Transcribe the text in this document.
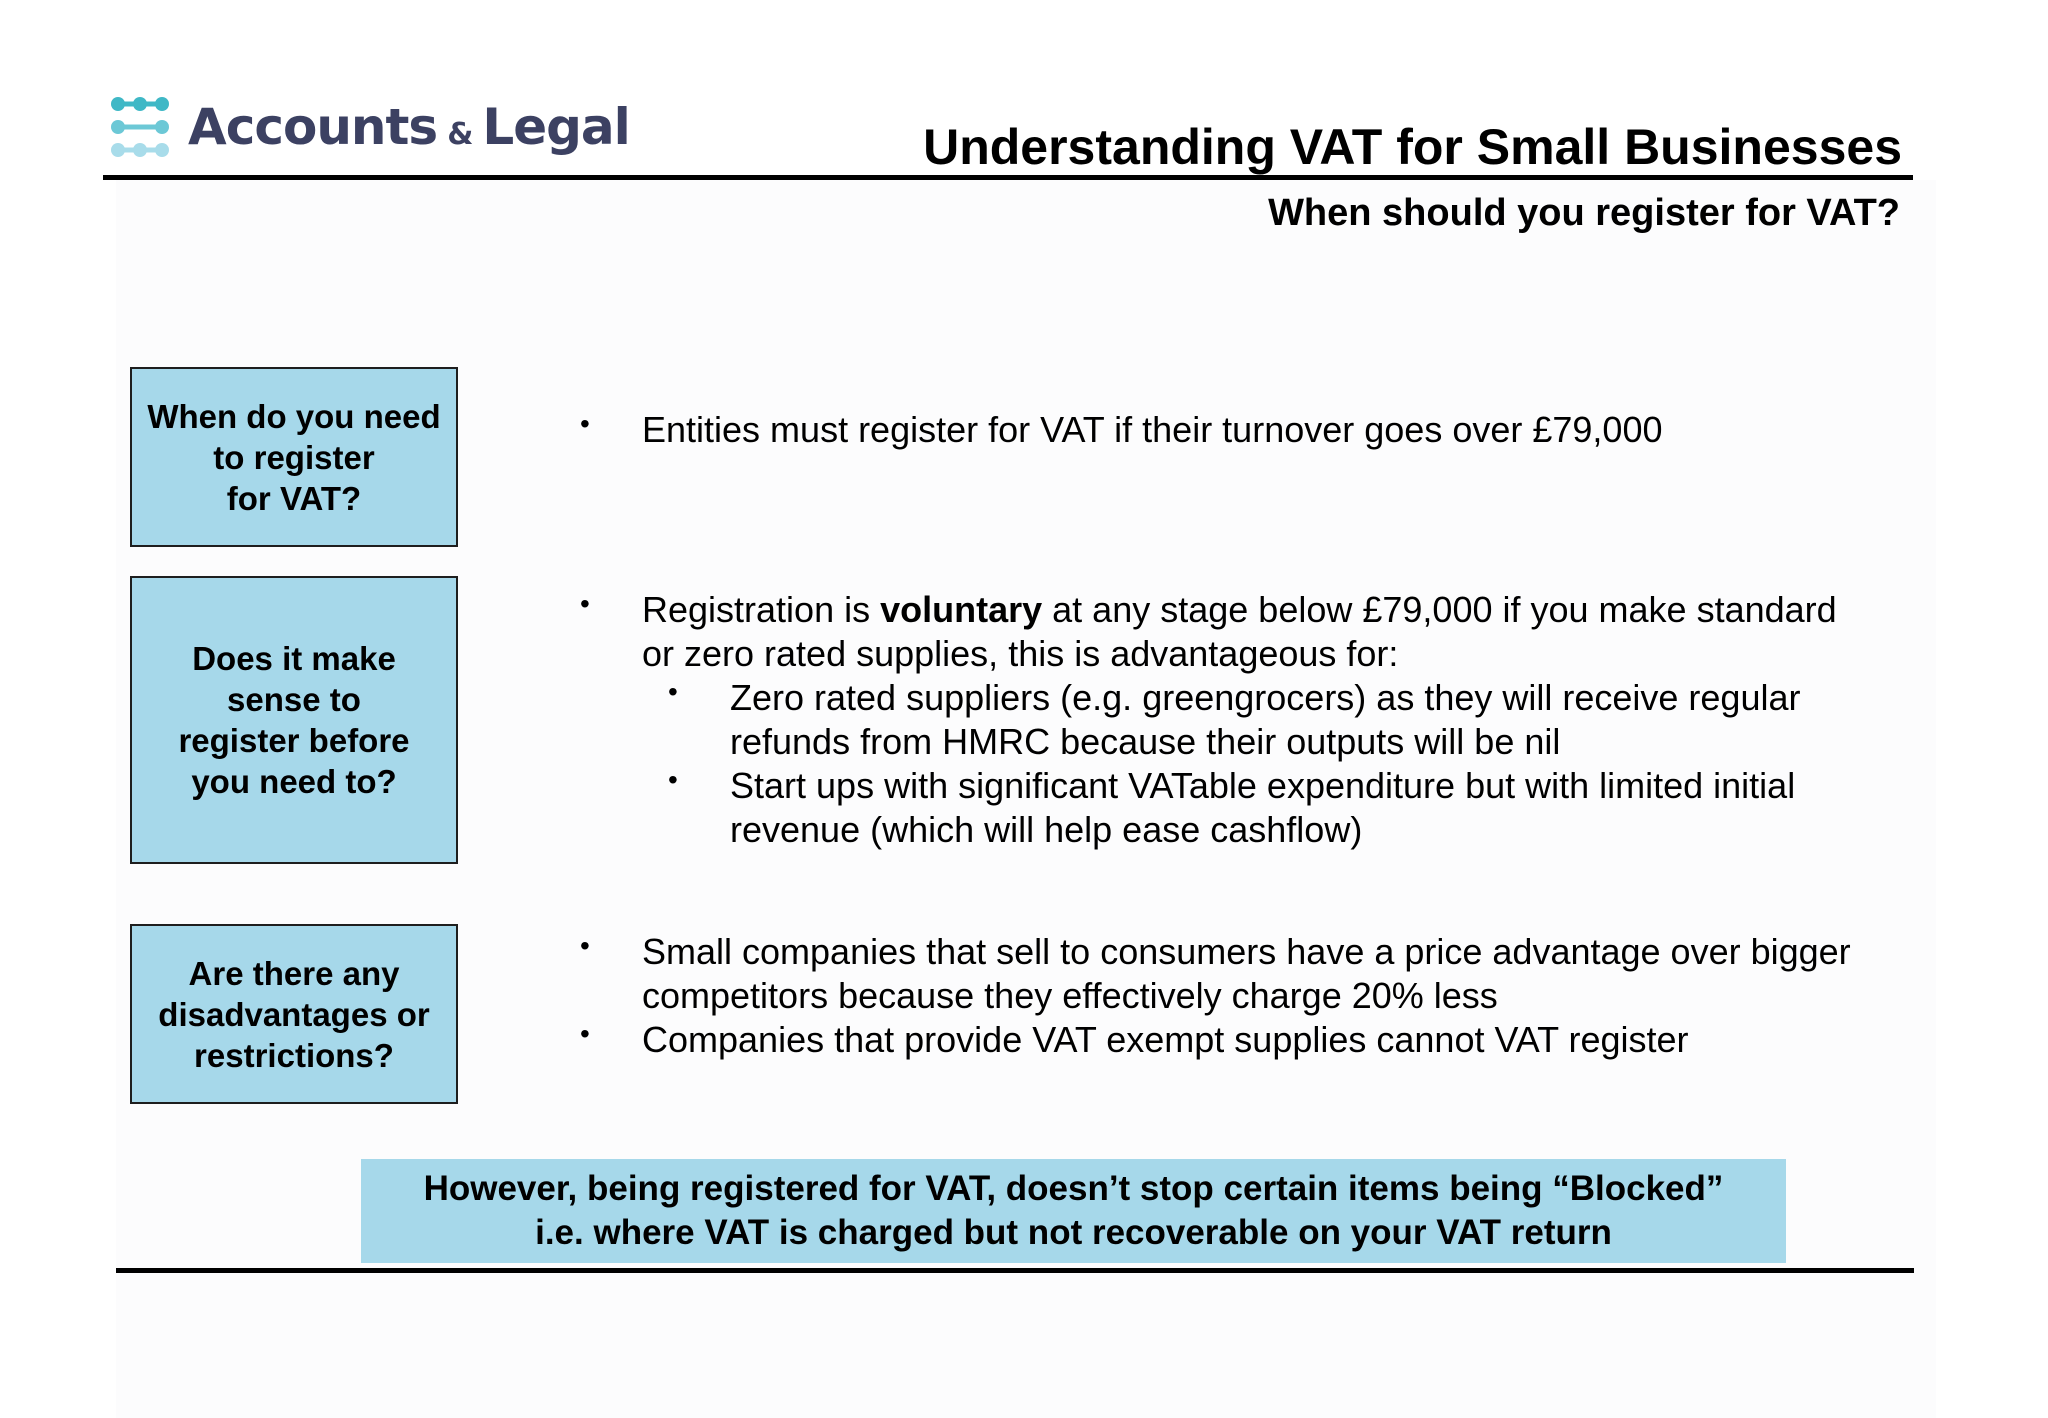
Accounts & Legal	Understanding VAT for Small Businesses
When should you register for VAT?
When do you need
to register
for VAT?
Does it make
sense to
register before
you need to?
Are there any
disadvantages or
restrictions?
• Entities must register for VAT if their turnover goes over £79,000
• Registration is voluntary at any stage below £79,000 if you make standard
or zero rated supplies, this is advantageous for:
• Zero rated suppliers (e.g. greengrocers) as they will receive regular
refunds from HMRC because their outputs will be nil
• Start ups with significant VATable expenditure but with limited initial
revenue (which will help ease cashflow)
• Small companies that sell to consumers have a price advantage over bigger
competitors because they effectively charge 20% less
• Companies that provide VAT exempt supplies cannot VAT register
However, being registered for VAT, doesn’t stop certain items being “Blocked”
i.e. where VAT is charged but not recoverable on your VAT return
